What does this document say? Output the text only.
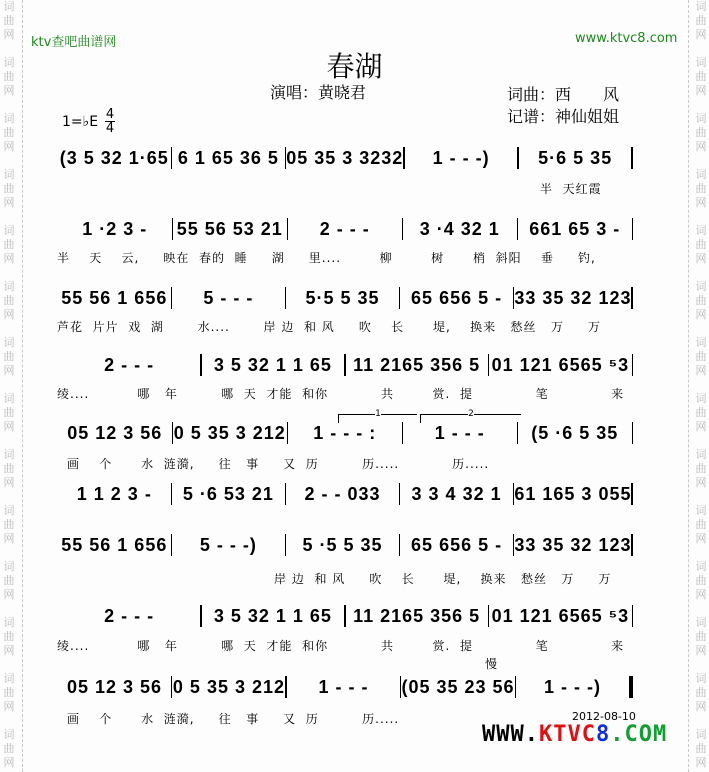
词
曲
网

词
曲
网

词
曲
网

词
曲
网

词
曲
网

词
曲
网

词
曲
网

词
曲
网

词
曲
网

词
曲
网

词
曲
网

词
曲
网

词
曲
网

词
曲
网

词
曲
网

词
曲
网

词
曲
网

词
曲
网

词
曲
网

词
曲
网

词
曲
网

词
曲
网

词
曲
网

词
曲
网

词
曲
网

词
曲
网

词
曲
网

词
曲
网

ktv查吧曲谱网	www.ktvc8.com
春湖
演唱：黄晓君	词曲：西　　风
记谱：神仙姐姐
1=♭E 4
4
(3 5 32 1·65 6 1 65 36 5 05 35 3 3232	1 - - -)	5·6 5 35
1 ·2 3 -	55 56 53 21	2 - - -	3 ·4 32 1	661 65 3 -
55 56 1 656	5 - - -	5·5 5 35	65 656 5 - 33 35 32 123
2 - - -	3 5 32 1 1 65	11 2165 356 5 01 121 6565 ⁵3
05 12 3 56 0 5 35 3 212	1 - - - :	1 - - -	(5 ·6 5 35
1 1 2 3 -	5 ·6 53 21	2 - - 033	3 3 4 32 1 61 165 3 055
55 56 1 656	5 - - -)	5 ·5 5 35	65 656 5 - 33 35 32 123
2 - - -	3 5 32 1 1 65	11 2165 356 5 01 121 6565 ⁵3
05 12 3 56 0 5 35 3 212	1 - - -	(05 35 23 56	1 - - -)
1	2
半  天红霞
半    天    云,     映在  春的  睡     湖     里....        柳        树      梢  斜阳    垂     钓,
芦花  片片  戏  湖       水....       岸 边  和 风     吹    长      堤,    换来   愁丝   万     万
绫....          哪   年         哪  天  才能  和你           共        赏.  提             笔             来
画    个      水  涟漪,     往   事     又  历         历.....           历.....
岸 边  和 风     吹    长      堤,    换来   愁丝   万     万
绫....          哪   年         哪  天  才能  和你           共        赏.  提             笔             来
慢
画    个      水  涟漪,     往   事     又  历         历.....	2012-08-10
WWW.KTVC8.COM
